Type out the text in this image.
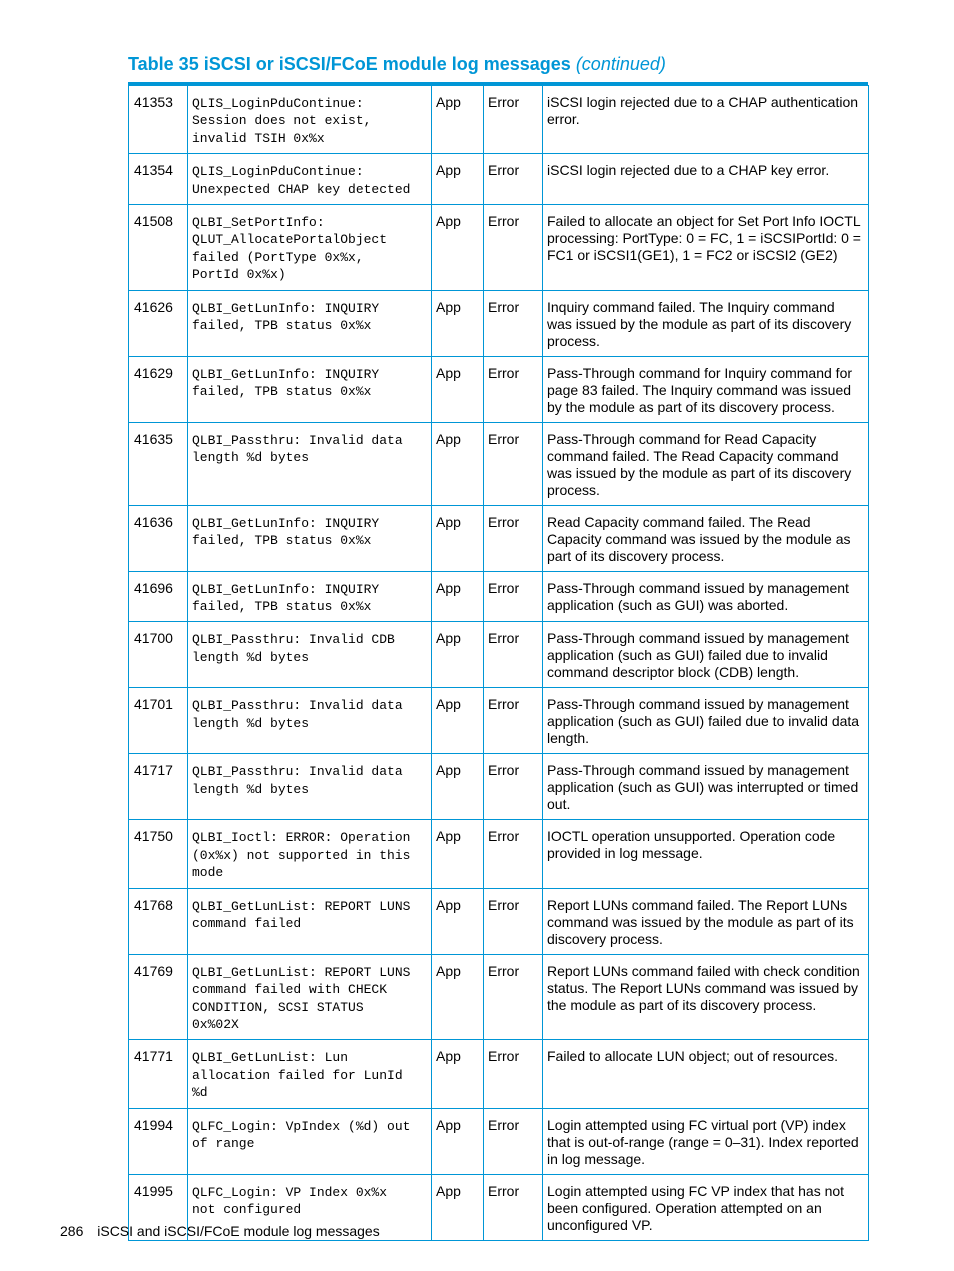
Table 35 iSCSI or iSCSI/FCoE module log messages (continued)
41353	QLIS_LoginPduContinue:
Session does not exist,
invalid TSIH 0x%x	App	Error	iSCSI login rejected due to a CHAP authentication error.
41354	QLIS_LoginPduContinue:
Unexpected CHAP key detected	App	Error	iSCSI login rejected due to a CHAP key error.
41508	QLBI_SetPortInfo:
QLUT_AllocatePortalObject
failed (PortType 0x%x,
PortId 0x%x)	App	Error	Failed to allocate an object for Set Port Info IOCTL processing: PortType: 0 = FC, 1 = iSCSIPortId: 0 = FC1 or iSCSI1(GE1), 1 = FC2 or iSCSI2 (GE2)
41626	QLBI_GetLunInfo: INQUIRY
failed, TPB status 0x%x	App	Error	Inquiry command failed. The Inquiry command was issued by the module as part of its discovery process.
41629	QLBI_GetLunInfo: INQUIRY
failed, TPB status 0x%x	App	Error	Pass-Through command for Inquiry command for page 83 failed. The Inquiry command was issued by the module as part of its discovery process.
41635	QLBI_Passthru: Invalid data
length %d bytes	App	Error	Pass-Through command for Read Capacity command failed. The Read Capacity command was issued by the module as part of its discovery process.
41636	QLBI_GetLunInfo: INQUIRY
failed, TPB status 0x%x	App	Error	Read Capacity command failed. The Read Capacity command was issued by the module as part of its discovery process.
41696	QLBI_GetLunInfo: INQUIRY
failed, TPB status 0x%x	App	Error	Pass-Through command issued by management application (such as GUI) was aborted.
41700	QLBI_Passthru: Invalid CDB
length %d bytes	App	Error	Pass-Through command issued by management application (such as GUI) failed due to invalid command descriptor block (CDB) length.
41701	QLBI_Passthru: Invalid data
length %d bytes	App	Error	Pass-Through command issued by management application (such as GUI) failed due to invalid data length.
41717	QLBI_Passthru: Invalid data
length %d bytes	App	Error	Pass-Through command issued by management application (such as GUI) was interrupted or timed out.
41750	QLBI_Ioctl: ERROR: Operation
(0x%x) not supported in this
mode	App	Error	IOCTL operation unsupported. Operation code provided in log message.
41768	QLBI_GetLunList: REPORT LUNS
command failed	App	Error	Report LUNs command failed. The Report LUNs command was issued by the module as part of its discovery process.
41769	QLBI_GetLunList: REPORT LUNS
command failed with CHECK
CONDITION, SCSI STATUS
0x%02X	App	Error	Report LUNs command failed with check condition status. The Report LUNs command was issued by the module as part of its discovery process.
41771	QLBI_GetLunList: Lun
allocation failed for LunId
%d	App	Error	Failed to allocate LUN object; out of resources.
41994	QLFC_Login: VpIndex (%d) out
of range	App	Error	Login attempted using FC virtual port (VP) index that is out-of-range (range = 0–31). Index reported in log message.
41995	QLFC_Login: VP Index 0x%x
not configured	App	Error	Login attempted using FC VP index that has not been configured. Operation attempted on an unconfigured VP.
286 iSCSI and iSCSI/FCoE module log messages
